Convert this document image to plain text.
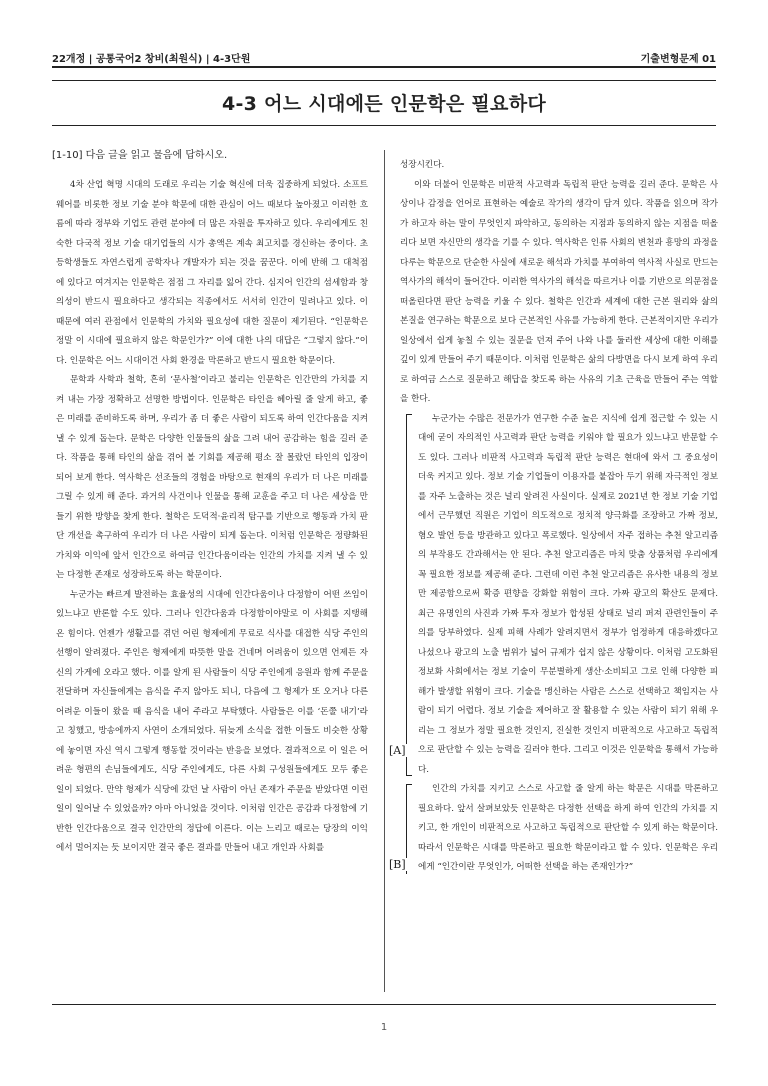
22개정 | 공통국어2 창비(최원식) | 4-3단원	기출변형문제 01
4-3 어느 시대에든 인문학은 필요하다
[1-10] 다음 글을 읽고 물음에 답하시오.

4차 산업 혁명 시대의 도래로 우리는 기술 혁신에 더욱 집중하게 되었다. 소프트웨어를 비롯한 정보 기술 분야 학문에 대한 관심이 어느 때보다 높아졌고 이러한 흐름에 따라 정부와 기업도 관련 분야에 더 많은 자원을 투자하고 있다. 우리에게도 친숙한 다국적 정보 기술 대기업들의 시가 총액은 계속 최고치를 경신하는 중이다. 초등학생들도 자연스럽게 공학자나 개발자가 되는 것을 꿈꾼다. 이에 반해 그 대척점에 있다고 여겨지는 인문학은 점점 그 자리를 잃어 간다. 심지어 인간의 섬세함과 창의성이 반드시 필요하다고 생각되는 직종에서도 서서히 인간이 밀려나고 있다. 이 때문에 여러 관점에서 인문학의 가치와 필요성에 대한 질문이 제기된다. “인문학은 정말 이 시대에 필요하지 않은 학문인가?” 이에 대한 나의 대답은 “그렇지 않다.”이다. 인문학은 어느 시대이건 사회 환경을 막론하고 반드시 필요한 학문이다.

문학과 사학과 철학, 흔히 ‘문사철’이라고 불리는 인문학은 인간만의 가치를 지켜 내는 가장 정확하고 선명한 방법이다. 인문학은 타인을 헤아릴 줄 알게 하고, 좋은 미래를 준비하도록 하며, 우리가 좀 더 좋은 사람이 되도록 하여 인간다움을 지켜 낼 수 있게 돕는다. 문학은 다양한 인물들의 삶을 그려 내어 공감하는 힘을 길러 준다. 작품을 통해 타인의 삶을 겪어 볼 기회를 제공해 평소 잘 몰랐던 타인의 입장이 되어 보게 한다. 역사학은 선조들의 경험을 바탕으로 현재의 우리가 더 나은 미래를 그릴 수 있게 해 준다. 과거의 사건이나 인물을 통해 교훈을 주고 더 나은 세상을 만들기 위한 방향을 찾게 한다. 철학은 도덕적·윤리적 탐구를 기반으로 행동과 가치 판단 개선을 촉구하여 우리가 더 나은 사람이 되게 돕는다. 이처럼 인문학은 정량화된 가치와 이익에 앞서 인간으로 하여금 인간다움이라는 인간의 가치를 지켜 낼 수 있는 다정한 존재로 성장하도록 하는 학문이다.

누군가는 빠르게 발전하는 효율성의 시대에 인간다움이나 다정함이 어떤 쓰임이 있느냐고 반론할 수도 있다. 그러나 인간다움과 다정함이야말로 이 사회를 지탱해 온 힘이다. 언젠가 생활고를 겪던 어린 형제에게 무료로 식사를 대접한 식당 주인의 선행이 알려졌다. 주인은 형제에게 따뜻한 말을 건네며 어려움이 있으면 언제든 자신의 가게에 오라고 했다. 이를 알게 된 사람들이 식당 주인에게 응원과 함께 주문을 전달하며 자신들에게는 음식을 주지 않아도 되니, 다음에 그 형제가 또 오거나 다른 어려운 이들이 왔을 때 음식을 내어 주라고 부탁했다. 사람들은 이를 ‘돈쭐 내기’라고 칭했고, 방송에까지 사연이 소개되었다. 뒤늦게 소식을 접한 이들도 비슷한 상황에 놓이면 자신 역시 그렇게 행동할 것이라는 반응을 보였다. 결과적으로 이 일은 어려운 형편의 손님들에게도, 식당 주인에게도, 다른 사회 구성원들에게도 모두 좋은 일이 되었다. 만약 형제가 식당에 갔던 날 사람이 아닌 존재가 주문을 받았다면 이런 일이 일어날 수 있었을까? 아마 아니었을 것이다. 이처럼 인간은 공감과 다정함에 기반한 인간다움으로 결국 인간만의 정답에 이른다. 이는 느리고 때로는 당장의 이익에서 멀어지는 듯 보이지만 결국 좋은 결과를 만들어 내고 개인과 사회를

성장시킨다.

이와 더불어 인문학은 비판적 사고력과 독립적 판단 능력을 길러 준다. 문학은 사상이나 감정을 언어로 표현하는 예술로 작가의 생각이 담겨 있다. 작품을 읽으며 작가가 하고자 하는 말이 무엇인지 파악하고, 동의하는 지점과 동의하지 않는 지점을 떠올리다 보면 자신만의 생각을 기를 수 있다. 역사학은 인류 사회의 변천과 흥망의 과정을 다루는 학문으로 단순한 사실에 새로운 해석과 가치를 부여하여 역사적 사실로 만드는 역사가의 해석이 들어간다. 이러한 역사가의 해석을 따르거나 이를 기반으로 의문점을 떠올린다면 판단 능력을 키울 수 있다. 철학은 인간과 세계에 대한 근본 원리와 삶의 본질을 연구하는 학문으로 보다 근본적인 사유를 가능하게 한다. 근본적이지만 우리가 일상에서 쉽게 놓칠 수 있는 질문을 던져 주어 나와 나를 둘러싼 세상에 대한 이해를 깊이 있게 만들어 주기 때문이다. 이처럼 인문학은 삶의 다방면을 다시 보게 하여 우리로 하여금 스스로 질문하고 해답을 찾도록 하는 사유의 기초 근육을 만들어 주는 역할을 한다.

[A]

누군가는 수많은 전문가가 연구한 수준 높은 지식에 쉽게 접근할 수 있는 시대에 굳이 자의적인 사고력과 판단 능력을 키워야 할 필요가 있느냐고 반문할 수도 있다. 그러나 비판적 사고력과 독립적 판단 능력은 현대에 와서 그 중요성이 더욱 커지고 있다. 정보 기술 기업들이 이용자를 붙잡아 두기 위해 자극적인 정보를 자주 노출하는 것은 널리 알려진 사실이다. 실제로 2021년 한 정보 기술 기업에서 근무했던 직원은 기업이 의도적으로 정치적 양극화를 조장하고 가짜 정보, 혐오 발언 등을 방관하고 있다고 폭로했다. 일상에서 자주 접하는 추천 알고리즘의 부작용도 간과해서는 안 된다. 추천 알고리즘은 마치 맞춤 상품처럼 우리에게 꼭 필요한 정보를 제공해 준다. 그런데 이런 추천 알고리즘은 유사한 내용의 정보만 제공함으로써 확증 편향을 강화할 위험이 크다. 가짜 광고의 확산도 문제다. 최근 유명인의 사진과 가짜 투자 정보가 합성된 상태로 널리 퍼져 관련인들이 주의를 당부하였다. 실제 피해 사례가 알려지면서 정부가 엄정하게 대응하겠다고 나섰으나 광고의 노출 범위가 넓어 규제가 쉽지 않은 상황이다. 이처럼 고도화된 정보화 사회에서는 정보 기술이 무분별하게 생산·소비되고 그로 인해 다양한 피해가 발생할 위험이 크다. 기술을 맹신하는 사람은 스스로 선택하고 책임지는 사람이 되기 어렵다. 정보 기술을 제어하고 잘 활용할 수 있는 사람이 되기 위해 우리는 그 정보가 정말 필요한 것인지, 진실한 것인지 비판적으로 사고하고 독립적으로 판단할 수 있는 능력을 길러야 한다. 그리고 이것은 인문학을 통해서 가능하다.

[B]

인간의 가치를 지키고 스스로 사고할 줄 알게 하는 학문은 시대를 막론하고 필요하다. 앞서 살펴보았듯 인문학은 다정한 선택을 하게 하여 인간의 가치를 지키고, 한 개인이 비판적으로 사고하고 독립적으로 판단할 수 있게 하는 학문이다. 따라서 인문학은 시대를 막론하고 필요한 학문이라고 할 수 있다. 인문학은 우리에게 “인간이란 무엇인가, 어떠한 선택을 하는 존재인가?”

1
